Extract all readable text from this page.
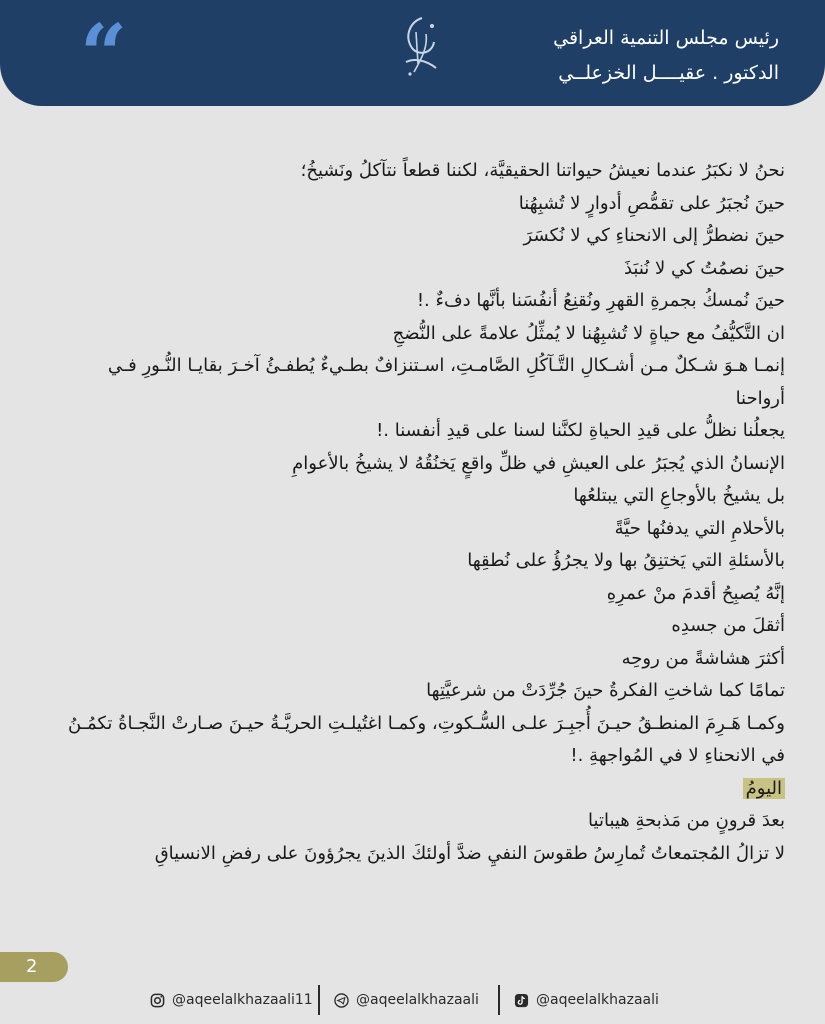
“	رئيس مجلس التنمية العراقي
الدكتور . عقيــــل الخزعلــي
نحنُ لا نكبَرُ عندما نعيشُ حيواتنا الحقيقيَّة، لكننا قطعاً نتآكلُ ونَشيخُ؛
حينَ نُجبَرُ على تقمُّصِ أدوارٍ لا تُشبِهُنا
حينَ نضطرُّ إلى الانحناءِ كي لا نُكسَرَ
حينَ نصمُتُ كي لا نُنبَذَ
حينَ نُمسكُ بجمرةِ القهرِ ونُقنِعُ أنفُسَنا بأنَّها دفءٌ .!
ان التَّكيُّفُ مع حياةٍ لا تُشبِهُنا لا يُمثِّلُ علامةً على النُّضجِ
إنمـا هـوَ شـكلٌ مـن أشـكالِ التَّـآكُلِ الصَّامـتِ، اسـتنزافٌ بطـيءٌ يُطفـئُ آخـرَ بقايـا النُّـورِ فـي
أرواحنا
يجعلُنا نظلُّ على قيدِ الحياةِ لكنَّنا لسنا على قيدِ أنفسنا .!
الإنسانُ الذي يُجبَرُ على العيشِ في ظلِّ واقعٍ يَخنُقُهُ لا يشيخُ بالأعوامِ
بل يشيخُ بالأوجاعِ التي يبتلعُها
بالأحلامِ التي يدفنُها حيَّةً
بالأسئلةِ التي يَختنِقُ بها ولا يجرُؤُ على نُطقِها
إنَّهُ يُصبِحُ أقدمَ منْ عمرِهِ
أثقلَ من جسدِه
أكثرَ هشاشةً من روحِه
تمامًا كما شاختِ الفكرةُ حينَ جُرِّدَتْ من شرعيَّتِها
وكمـا هَـرِمَ المنطـقُ حيـنَ أُجبِـرَ علـى السُّـكوتِ، وكمـا اغتُيلـتِ الحريَّـةُ حيـنَ صـارتْ النَّجـاةُ تكمُـنُ
في الانحناءِ لا في المُواجهةِ .!
اليومُ
بعدَ قرونٍ من مَذبحةِ هيباتيا
لا تزالُ المُجتمعاتُ تُمارِسُ طقوسَ النفيِ ضدَّ أولئكَ الذينَ يجرُؤونَ على رفضِ الانسياقِ
2
@aqeelalkhazaali11	@aqeelalkhazaali	@aqeelalkhazaali
